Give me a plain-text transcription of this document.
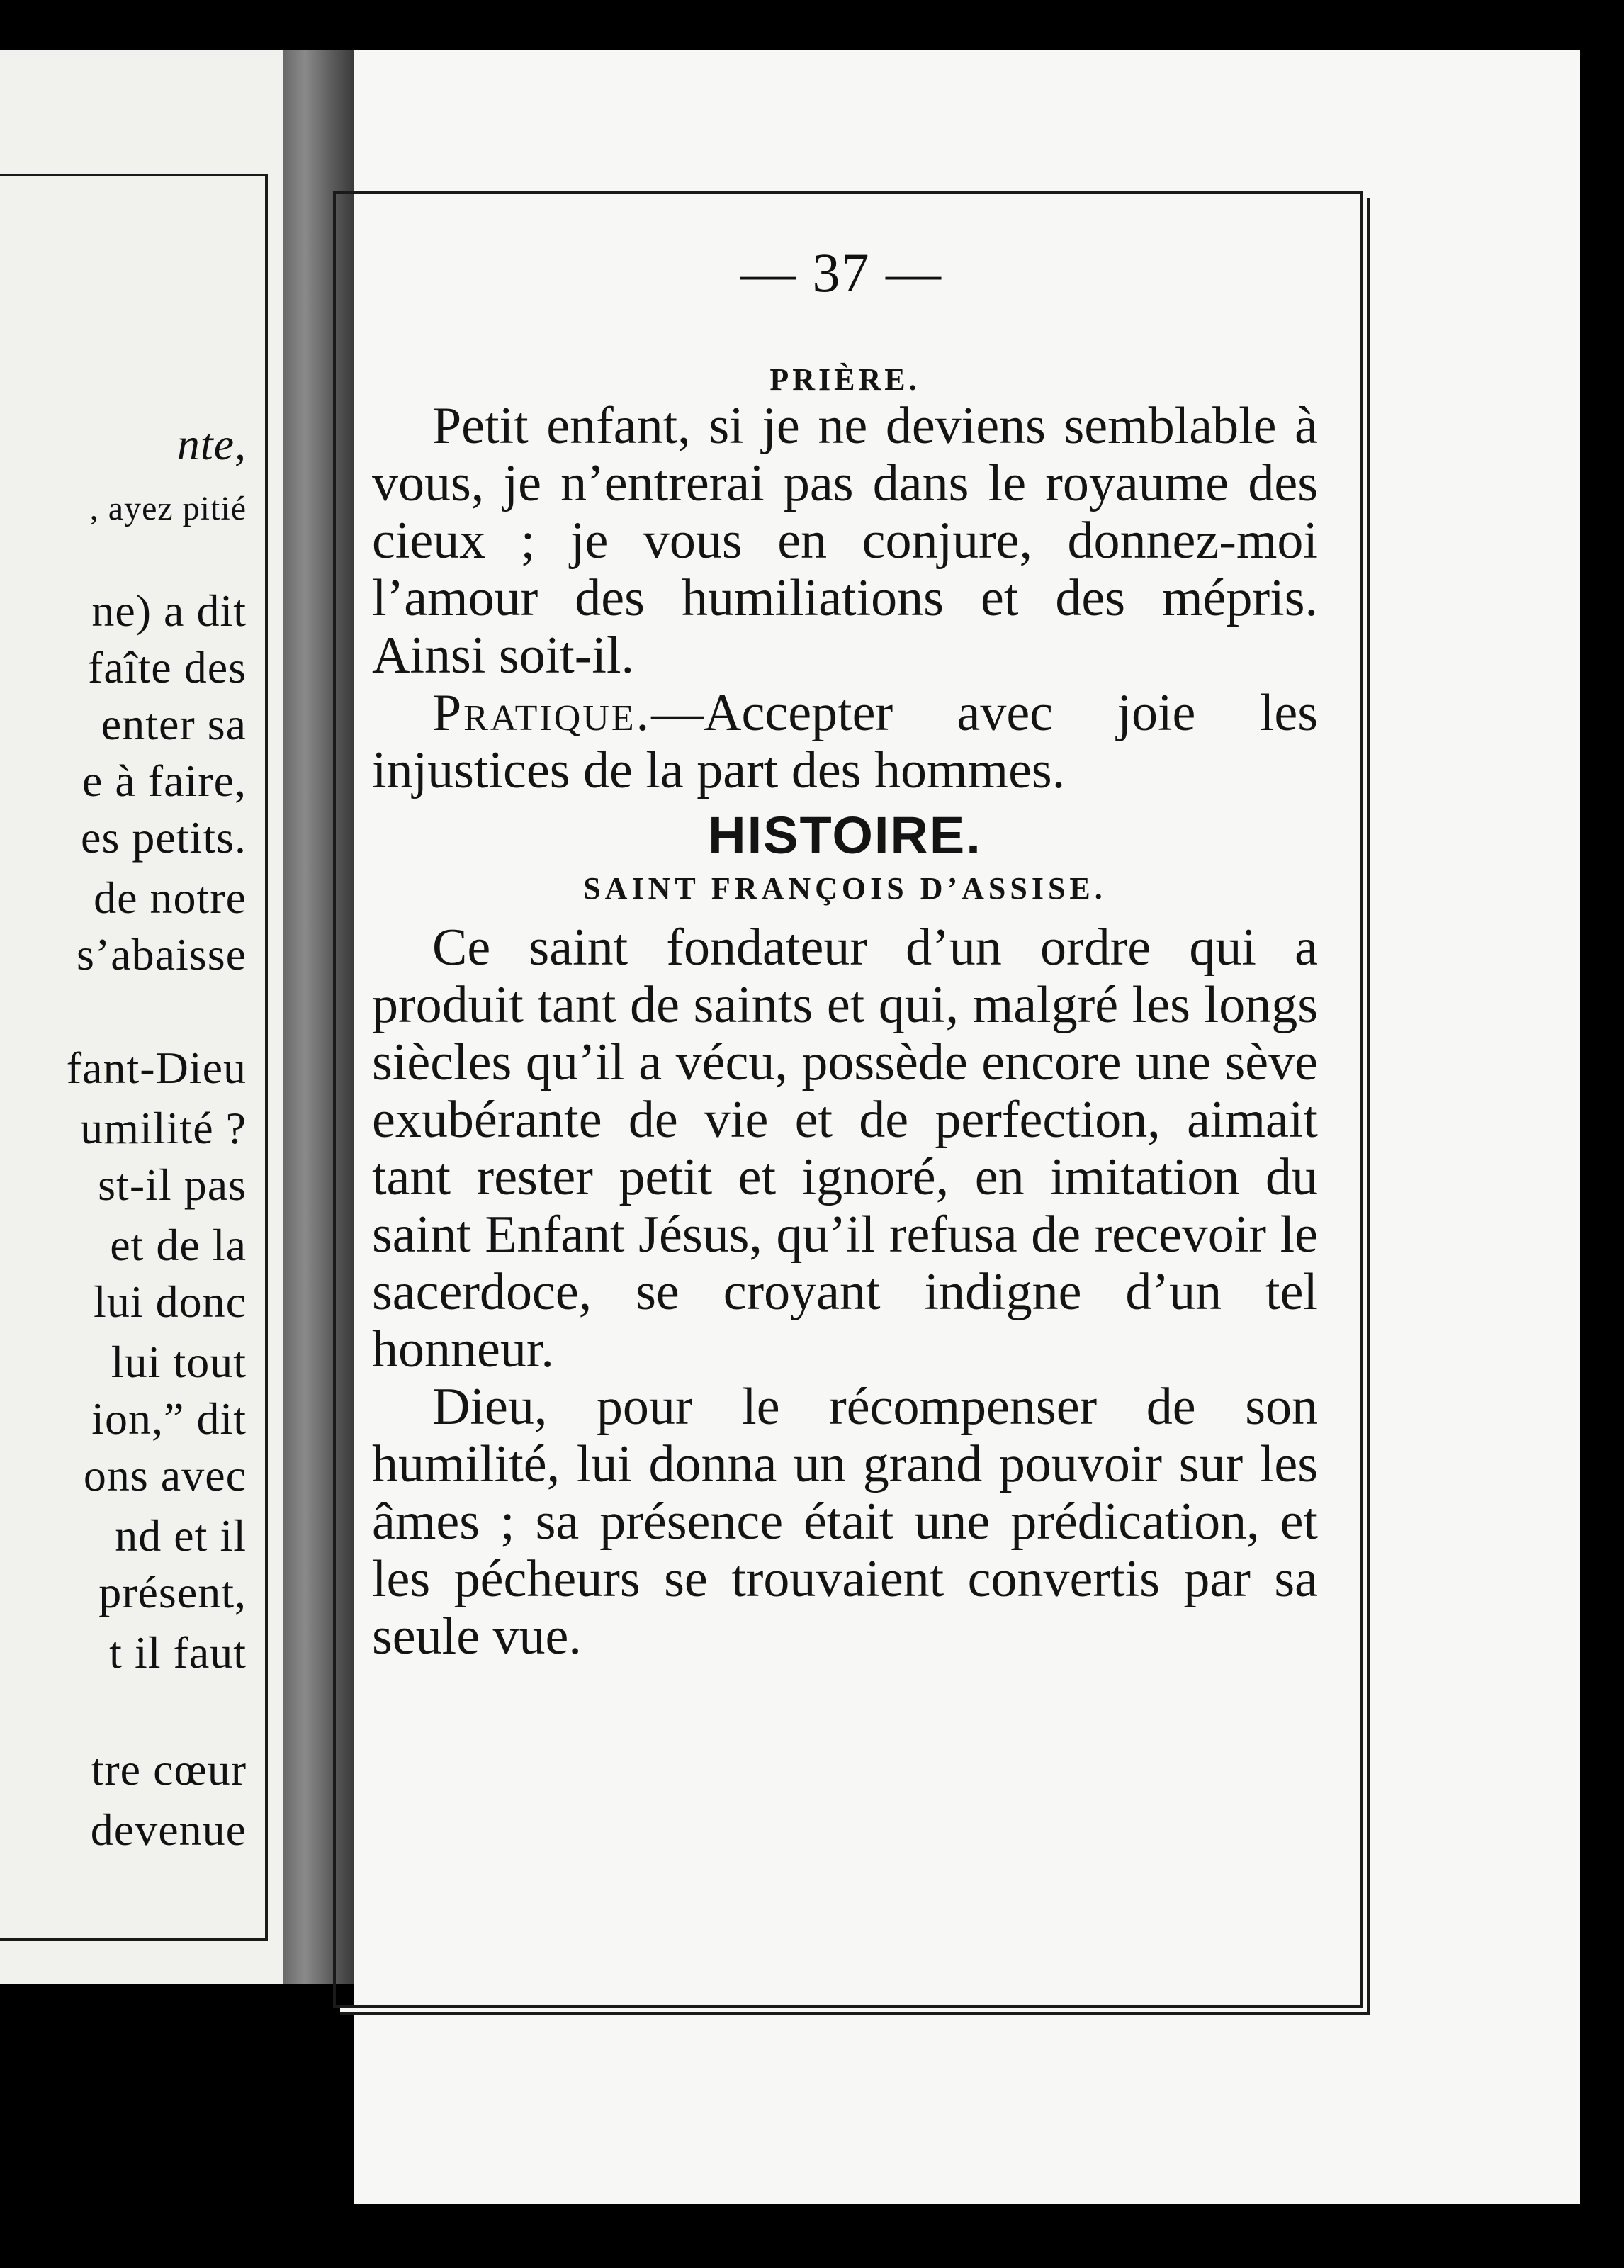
nte,
, ayez pitié
ne) a dit
faîte des
enter sa
e à faire,
es petits.
de notre
s’abaisse
fant-Dieu
umilité ?
st-il pas
et de la
lui donc
lui tout
ion,” dit
ons avec
nd et il
présent,
t il faut
tre cœur
devenue
— 37 —

PRIÈRE.

Petit enfant, si je ne deviens semblable à vous, je n’entrerai pas dans le royaume des cieux ; je vous en conjure, donnez-moi l’amour des humiliations et des mépris. Ainsi soit-il.

Pratique.—Accepter avec joie les injustices de la part des hommes.

HISTOIRE.

SAINT FRANÇOIS D’ASSISE.

Ce saint fondateur d’un ordre qui a produit tant de saints et qui, malgré les longs siècles qu’il a vécu, possède encore une sève exubérante de vie et de perfection, aimait tant rester petit et ignoré, en imitation du saint Enfant Jésus, qu’il refusa de recevoir le sacerdoce, se croyant indigne d’un tel honneur.

Dieu, pour le récompenser de son humilité, lui donna un grand pouvoir sur les âmes ; sa présence était une prédication, et les pécheurs se trouvaient convertis par sa seule vue.
